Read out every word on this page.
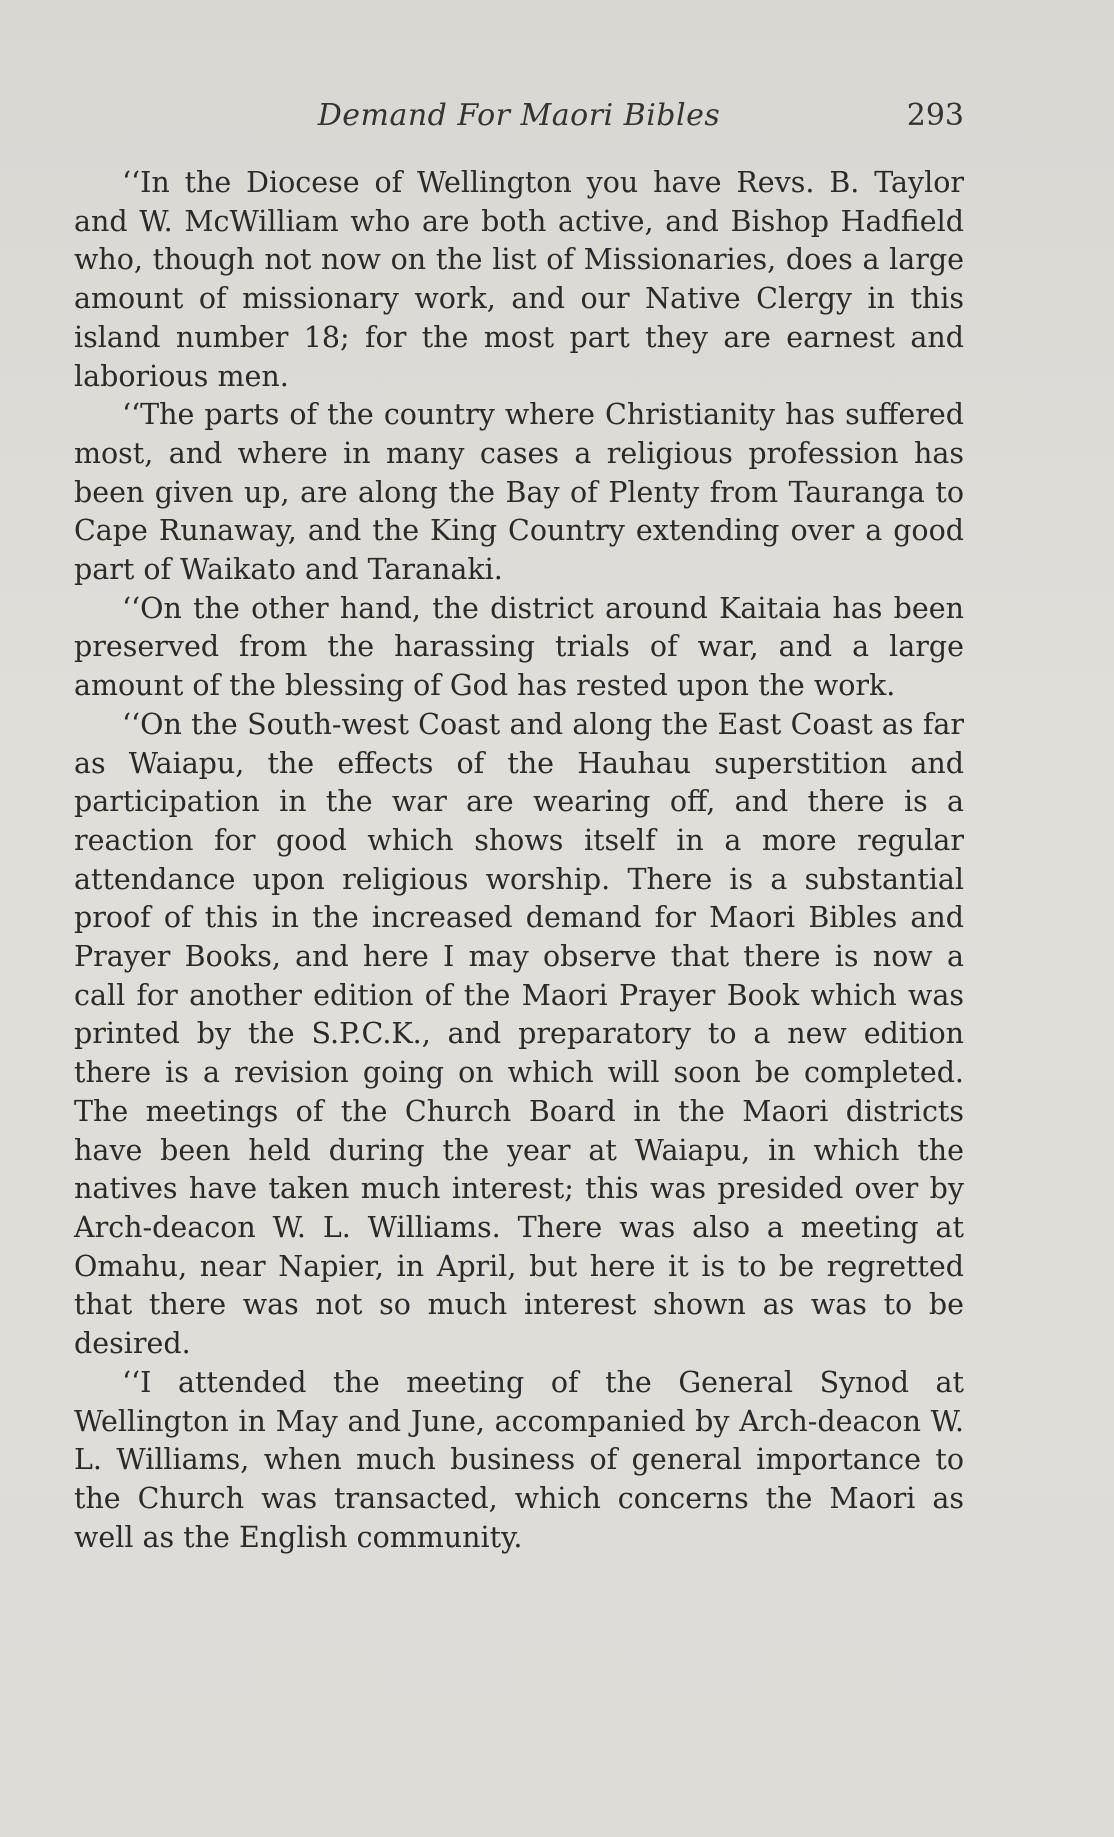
Demand For Maori Bibles	293

‘‘In the Diocese of Wellington you have Revs. B. Taylor and W. McWilliam who are both active, and Bishop Hadfield who, though not now on the list of Missionaries, does a large amount of missionary work, and our Native Clergy in this island number 18; for the most part they are earnest and laborious men.

‘‘The parts of the country where Christianity has suffered most, and where in many cases a religious profession has been given up, are along the Bay of Plenty from Tauranga to Cape Runaway, and the King Country extending over a good part of Waikato and Taranaki.

‘‘On the other hand, the district around Kaitaia has been preserved from the harassing trials of war, and a large amount of the blessing of God has rested upon the work.

‘‘On the South-west Coast and along the East Coast as far as Waiapu, the effects of the Hauhau superstition and participation in the war are wearing off, and there is a reaction for good which shows itself in a more regular attendance upon religious worship. There is a substantial proof of this in the increased demand for Maori Bibles and Prayer Books, and here I may observe that there is now a call for another edition of the Maori Prayer Book which was printed by the S.P.C.K., and preparatory to a new edition there is a revision going on which will soon be completed. The meetings of the Church Board in the Maori districts have been held during the year at Waiapu, in which the natives have taken much interest; this was presided over by Arch-deacon W. L. Williams. There was also a meeting at Omahu, near Napier, in April, but here it is to be regretted that there was not so much interest shown as was to be desired.

‘‘I attended the meeting of the General Synod at Wellington in May and June, accompanied by Arch-deacon W. L. Williams, when much business of general importance to the Church was transacted, which concerns the Maori as well as the English community.
